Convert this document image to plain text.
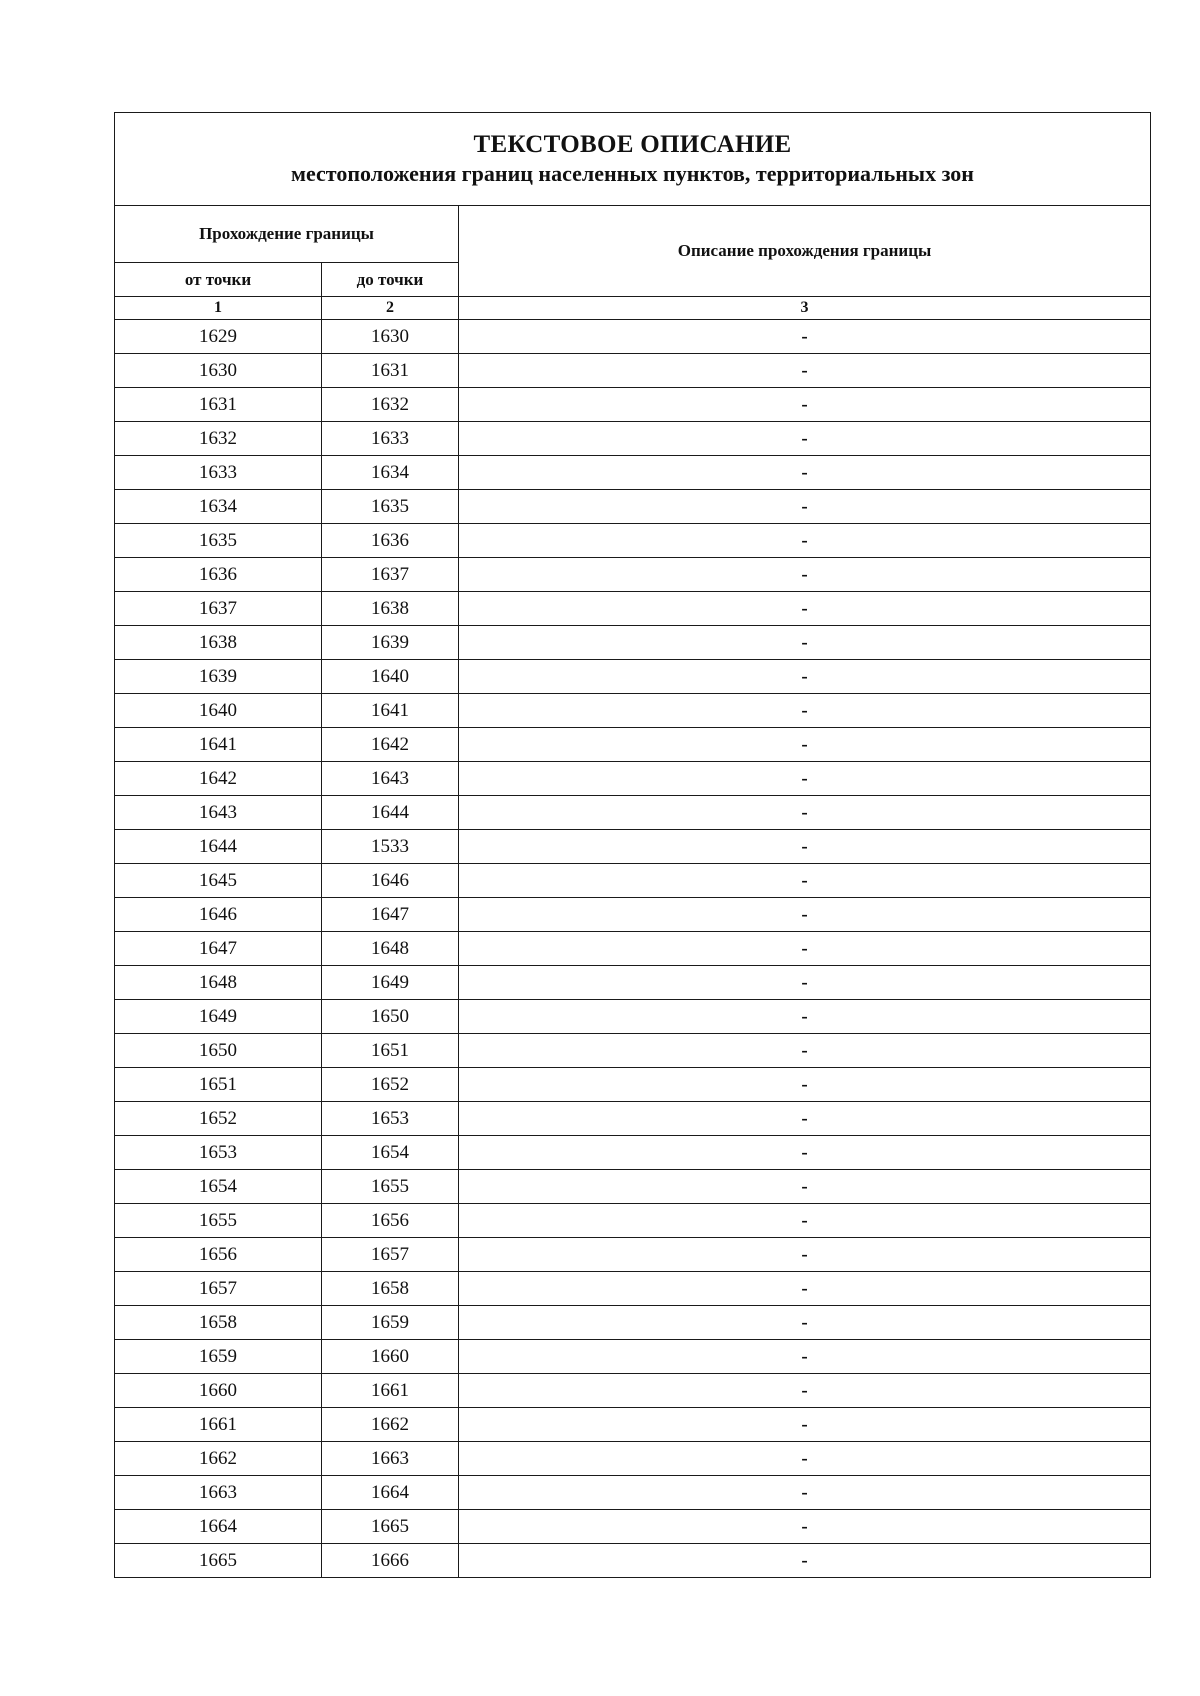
ТЕКСТОВОЕ ОПИСАНИЕ
местоположения границ населенных пунктов, территориальных зон		

Прохождение границы		Описание прохождения границы
от точки	до точки	
1	2	3
1629	1630	-
1630	1631	-
1631	1632	-
1632	1633	-
1633	1634	-
1634	1635	-
1635	1636	-
1636	1637	-
1637	1638	-
1638	1639	-
1639	1640	-
1640	1641	-
1641	1642	-
1642	1643	-
1643	1644	-
1644	1533	-
1645	1646	-
1646	1647	-
1647	1648	-
1648	1649	-
1649	1650	-
1650	1651	-
1651	1652	-
1652	1653	-
1653	1654	-
1654	1655	-
1655	1656	-
1656	1657	-
1657	1658	-
1658	1659	-
1659	1660	-
1660	1661	-
1661	1662	-
1662	1663	-
1663	1664	-
1664	1665	-
1665	1666	-
